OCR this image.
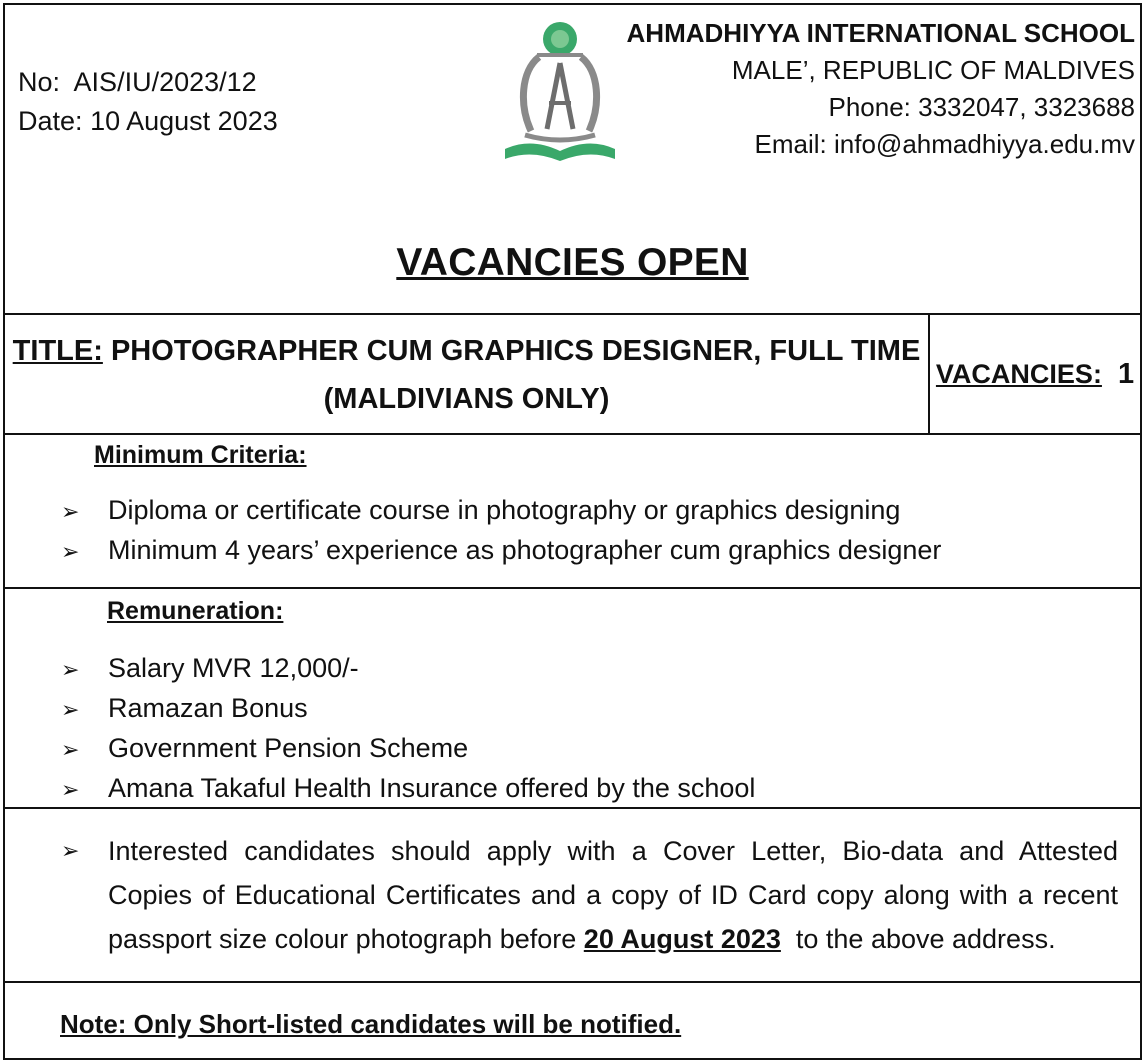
No: AIS/IU/2023/12
Date: 10 August 2023
AHMADHIYYA INTERNATIONAL SCHOOL
MALE’, REPUBLIC OF MALDIVES
Phone: 3332047, 3323688
Email: info@ahmadhiyya.edu.mv
VACANCIES OPEN
TITLE: PHOTOGRAPHER CUM GRAPHICS DESIGNER, FULL TIME
(MALDIVIANS ONLY)
VACANCIES: 1
Minimum Criteria:
➢	Diploma or certificate course in photography or graphics designing
➢	Minimum 4 years’ experience as photographer cum graphics designer
Remuneration:
➢	Salary MVR 12,000/-
➢	Ramazan Bonus
➢	Government Pension Scheme
➢	Amana Takaful Health Insurance offered by the school
➢	Interested candidates should apply with a Cover Letter, Bio-data and Attested Copies of Educational Certificates and a copy of ID Card copy along with a recent passport size colour photograph before 20 August 2023  to the above address.
Note: Only Short-listed candidates will be notified.
